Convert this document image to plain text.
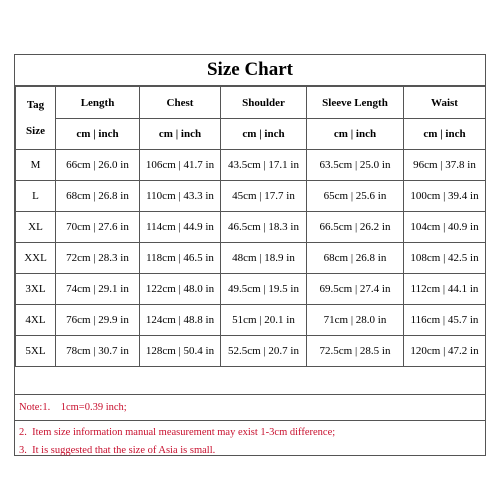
Size Chart
Tag
Size	Length	Chest	Shoulder	Sleeve Length	Waist
	cm | inch	cm | inch	cm | inch	cm | inch	cm | inch
M	66cm | 26.0 in	106cm | 41.7 in	43.5cm | 17.1 in	63.5cm | 25.0 in	96cm | 37.8 in
L	68cm | 26.8 in	110cm | 43.3 in	45cm | 17.7 in	65cm | 25.6 in	100cm | 39.4 in
XL	70cm | 27.6 in	114cm | 44.9 in	46.5cm | 18.3 in	66.5cm | 26.2 in	104cm | 40.9 in
XXL	72cm | 28.3 in	118cm | 46.5 in	48cm | 18.9 in	68cm | 26.8 in	108cm | 42.5 in
3XL	74cm | 29.1 in	122cm | 48.0 in	49.5cm | 19.5 in	69.5cm | 27.4 in	112cm | 44.1 in
4XL	76cm | 29.9 in	124cm | 48.8 in	51cm | 20.1 in	71cm | 28.0 in	116cm | 45.7 in
5XL	78cm | 30.7 in	128cm | 50.4 in	52.5cm | 20.7 in	72.5cm | 28.5 in	120cm | 47.2 in
Note:1.    1cm=0.39 inch;
2.  Item size information manual measurement may exist 1-3cm difference;
3.  It is suggested that the size of Asia is small.
